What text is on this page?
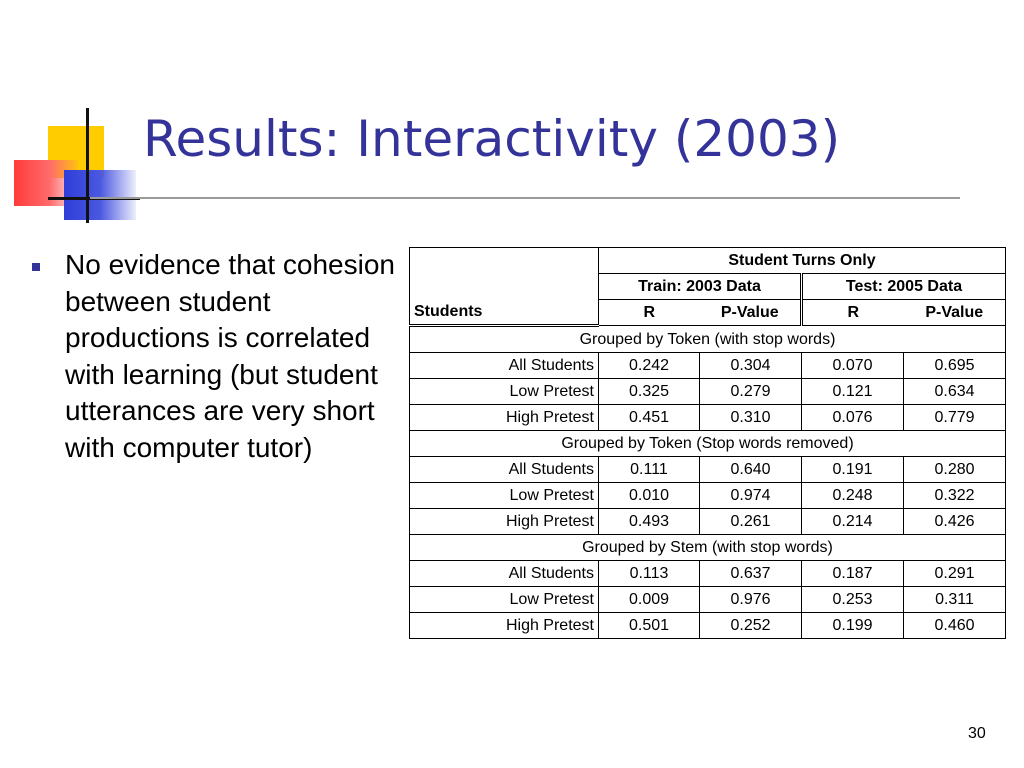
Results: Interactivity (2003)
No evidence that cohesion between student productions is correlated with learning (but student utterances are very short with computer tutor)
Students	Student Turns Only			
	Train: 2003 Data		Test: 2005 Data	
	R	P-Value	R	P-Value
Grouped by Token (with stop words)				
All Students	0.242	0.304	0.070	0.695
Low Pretest	0.325	0.279	0.121	0.634
High Pretest	0.451	0.310	0.076	0.779
Grouped by Token (Stop words removed)				
All Students	0.111	0.640	0.191	0.280
Low Pretest	0.010	0.974	0.248	0.322
High Pretest	0.493	0.261	0.214	0.426
Grouped by Stem (with stop words)				
All Students	0.113	0.637	0.187	0.291
Low Pretest	0.009	0.976	0.253	0.311
High Pretest	0.501	0.252	0.199	0.460
30
